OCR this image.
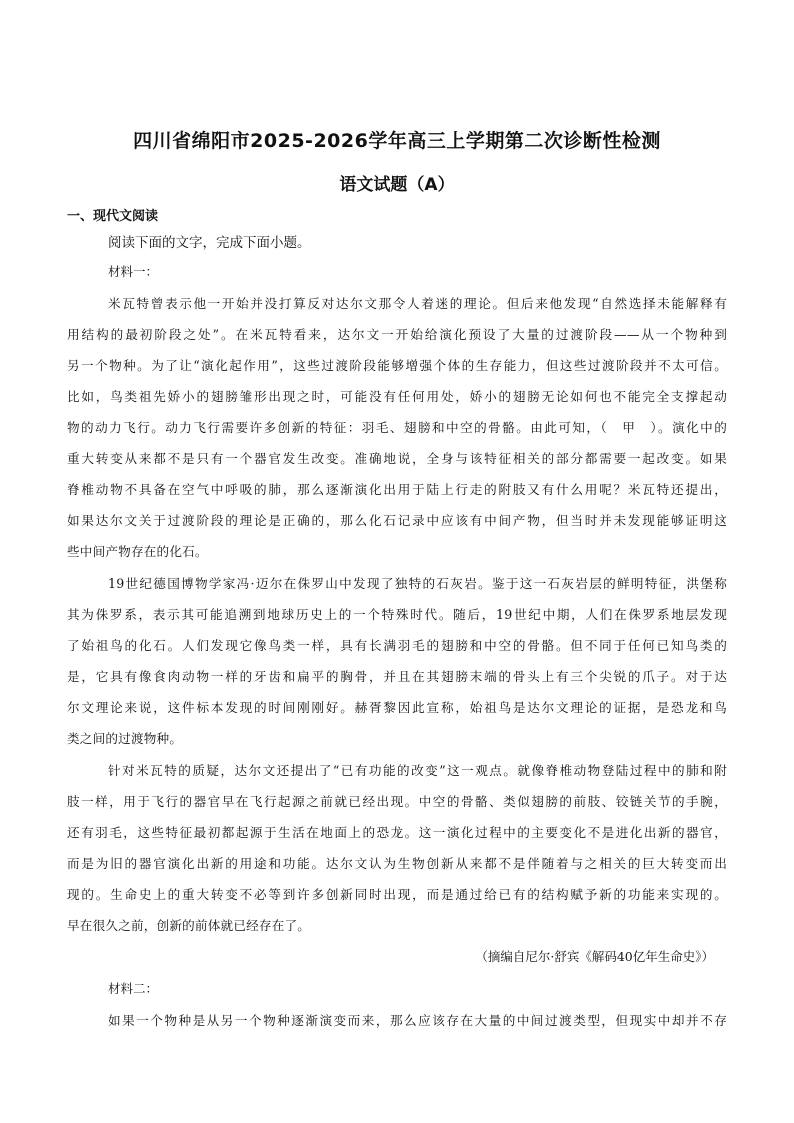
四川省绵阳市2025-2026学年高三上学期第二次诊断性检测
语文试题（A）
一、现代文阅读
阅读下面的文字，完成下面小题。
材料一：
米瓦特曾表示他一开始并没打算反对达尔文那令人着迷的理论。但后来他发现“自然选择未能解释有
用结构的最初阶段之处”。在米瓦特看来，达尔文一开始给演化预设了大量的过渡阶段——从一个物种到
另一个物种。为了让“演化起作用”，这些过渡阶段能够增强个体的生存能力，但这些过渡阶段并不太可信。
比如，鸟类祖先娇小的翅膀雏形出现之时，可能没有任何用处，娇小的翅膀无论如何也不能完全支撑起动
物的动力飞行。动力飞行需要许多创新的特征：羽毛、翅膀和中空的骨骼。由此可知，（　甲　）。演化中的
重大转变从来都不是只有一个器官发生改变。准确地说，全身与该特征相关的部分都需要一起改变。如果
脊椎动物不具备在空气中呼吸的肺，那么逐渐演化出用于陆上行走的附肢又有什么用呢？米瓦特还提出，
如果达尔文关于过渡阶段的理论是正确的，那么化石记录中应该有中间产物，但当时并未发现能够证明这
些中间产物存在的化石。
19世纪德国博物学家冯·迈尔在侏罗山中发现了独特的石灰岩。鉴于这一石灰岩层的鲜明特征，洪堡称
其为侏罗系，表示其可能追溯到地球历史上的一个特殊时代。随后，19世纪中期，人们在侏罗系地层发现
了始祖鸟的化石。人们发现它像鸟类一样，具有长满羽毛的翅膀和中空的骨骼。但不同于任何已知鸟类的
是，它具有像食肉动物一样的牙齿和扁平的胸骨，并且在其翅膀末端的骨头上有三个尖锐的爪子。对于达
尔文理论来说，这件标本发现的时间刚刚好。赫胥黎因此宣称，始祖鸟是达尔文理论的证据，是恐龙和鸟
类之间的过渡物种。
针对米瓦特的质疑，达尔文还提出了“已有功能的改变”这一观点。就像脊椎动物登陆过程中的肺和附
肢一样，用于飞行的器官早在飞行起源之前就已经出现。中空的骨骼、类似翅膀的前肢、铰链关节的手腕，
还有羽毛，这些特征最初都起源于生活在地面上的恐龙。这一演化过程中的主要变化不是进化出新的器官，
而是为旧的器官演化出新的用途和功能。达尔文认为生物创新从来都不是伴随着与之相关的巨大转变而出
现的。生命史上的重大转变不必等到许多创新同时出现，而是通过给已有的结构赋予新的功能来实现的。
早在很久之前，创新的前体就已经存在了。
（摘编自尼尔·舒宾《解码40亿年生命史》）
材料二：
如果一个物种是从另一个物种逐渐演变而来，那么应该存在大量的中间过渡类型，但现实中却并不存
